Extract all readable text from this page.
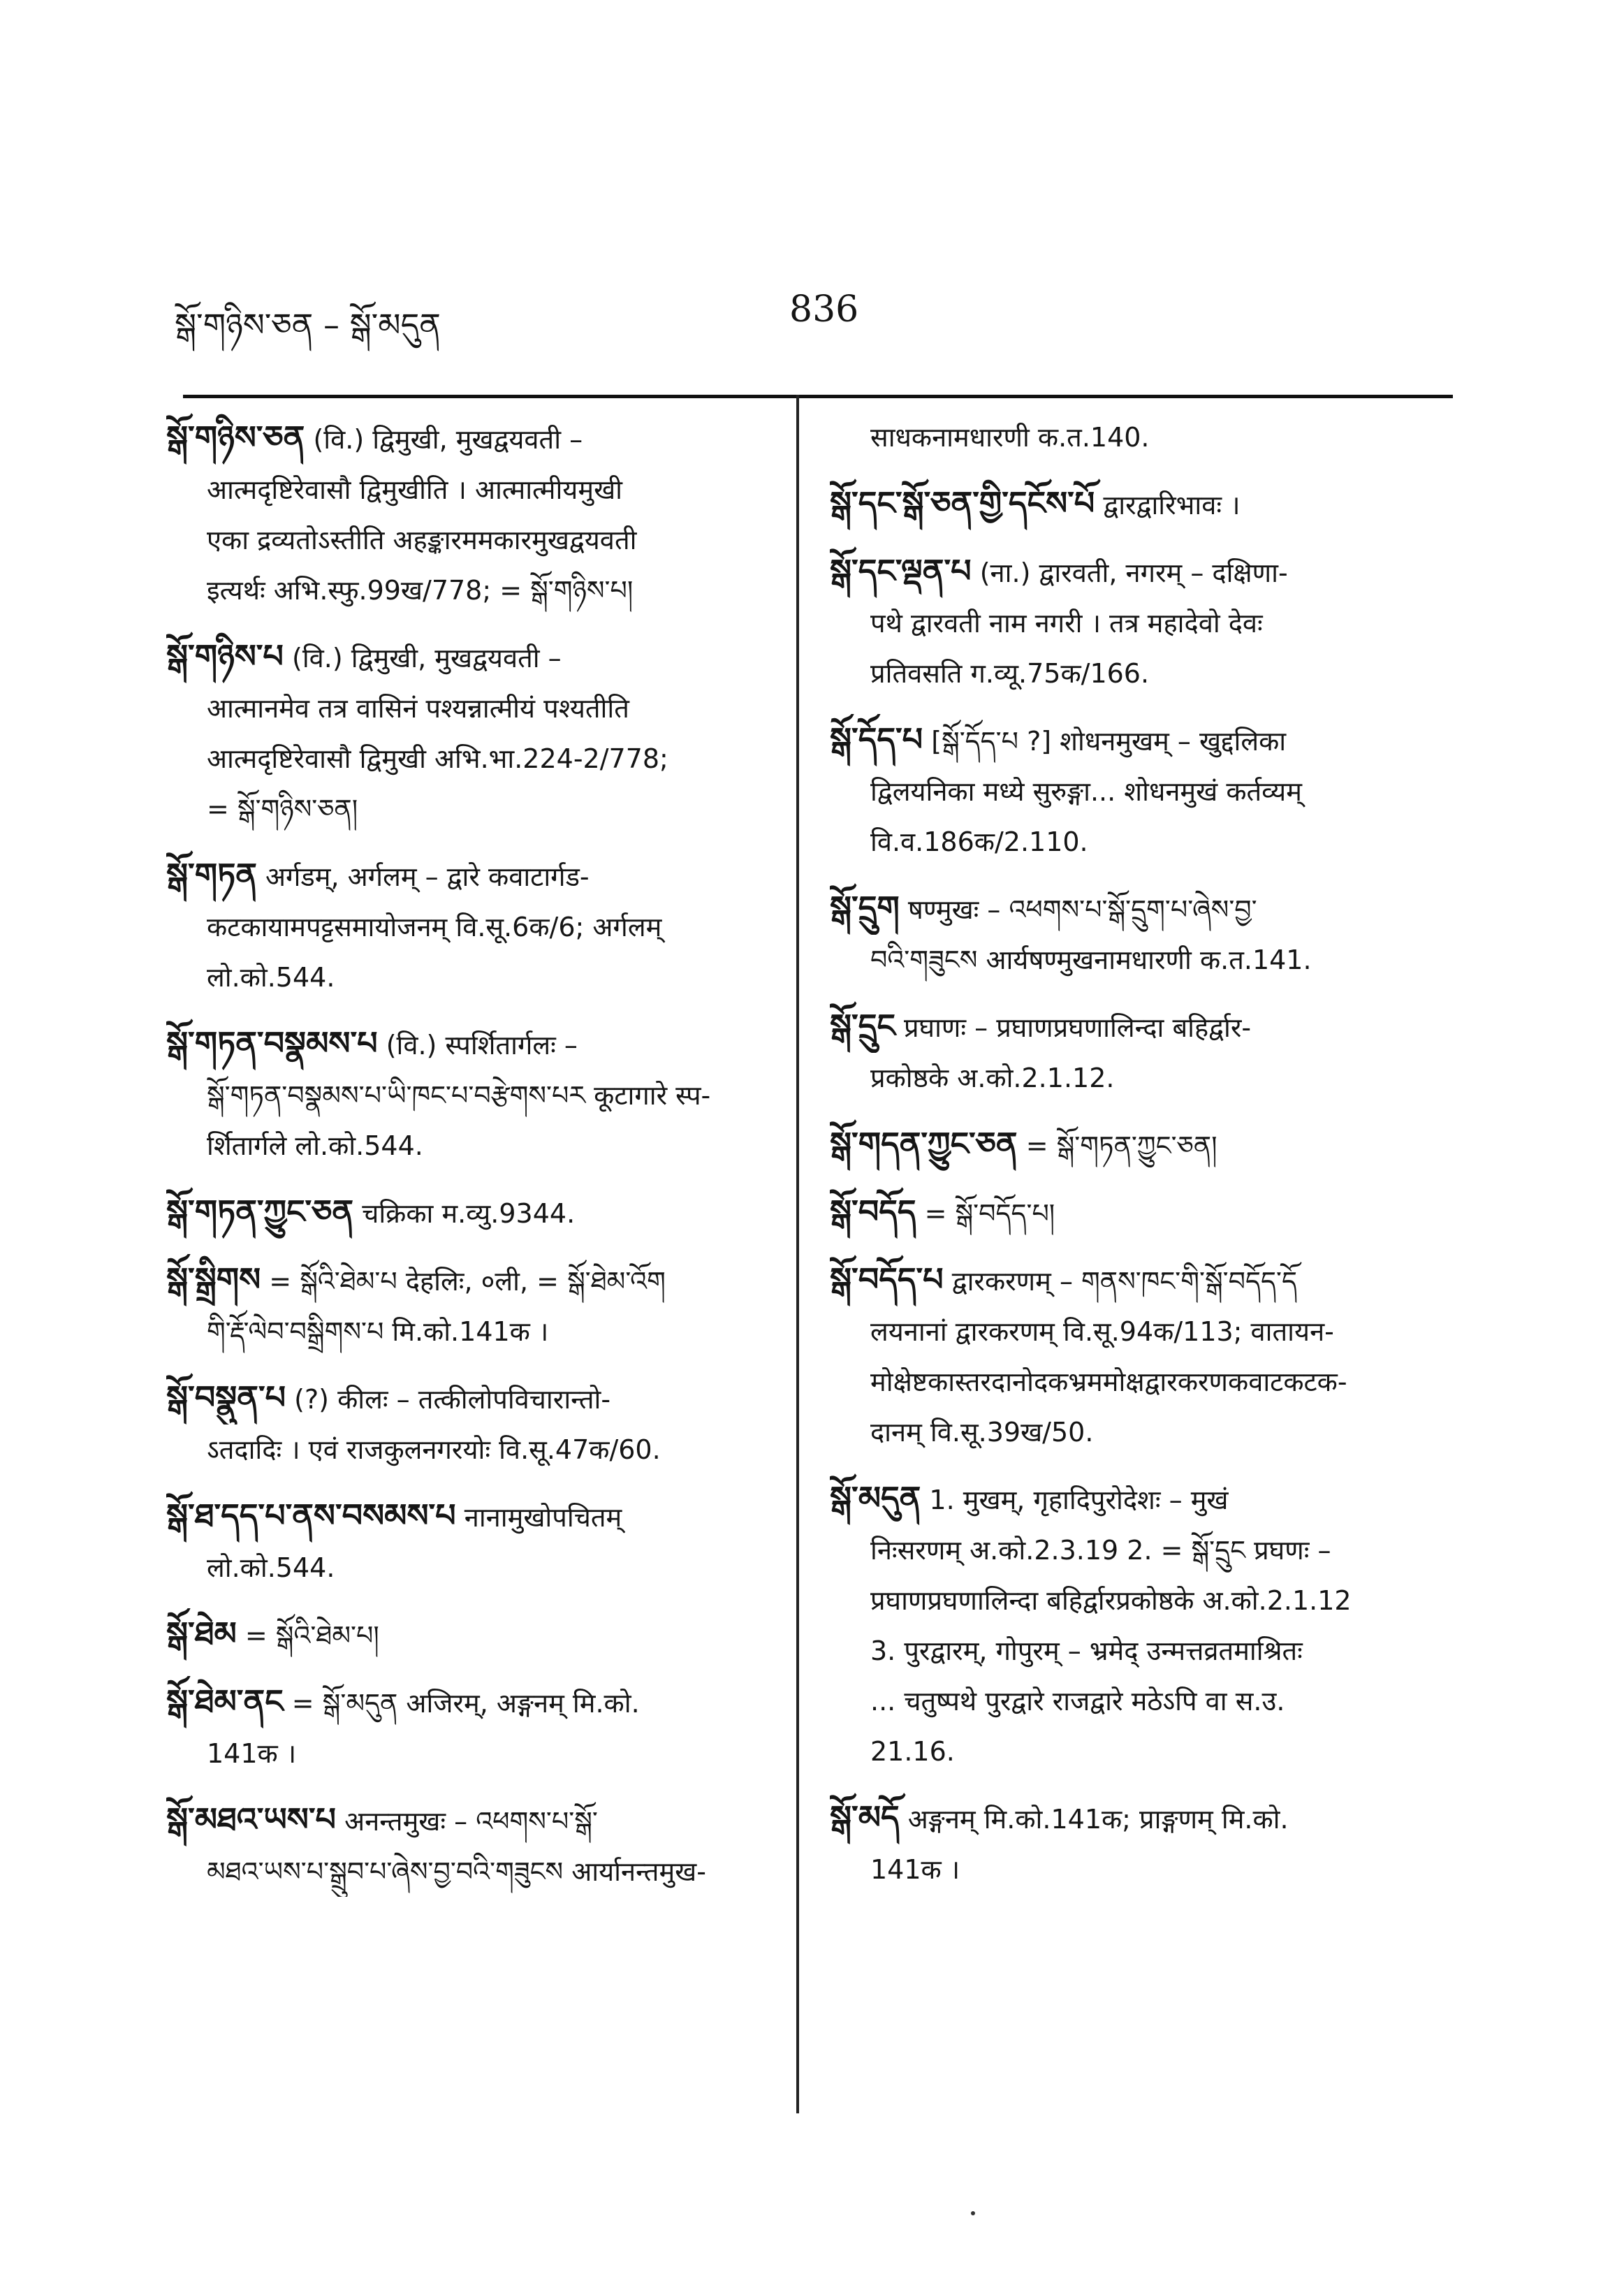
སྒོ་གཉིས་ཅན – སྒོ་མདུན	836
སྒོ་གཉིས་ཅན (वि.) द्विमुखी, मुखद्वयवती –
आत्मदृष्टिरेवासौ द्विमुखीति । आत्मात्मीयमुखी
एका द्रव्यतोऽस्तीति अहङ्कारममकारमुखद्वयवती
इत्यर्थः अभि.स्फु.99ख/778; = སྒོ་གཉིས་པ།
སྒོ་གཉིས་པ (वि.) द्विमुखी, मुखद्वयवती –
आत्मानमेव तत्र वासिनं पश्यन्नात्मीयं पश्यतीति
आत्मदृष्टिरेवासौ द्विमुखी अभि.भा.224-2/778;
= སྒོ་གཉིས་ཅན།
སྒོ་གཏན अर्गडम्, अर्गलम् – द्वारे कवाटार्गड-
कटकायामपट्टसमायोजनम् वि.सू.6क/6; अर्गलम्
लो.को.544.
སྒོ་གཏན་བསྣམས་པ (वि.) स्पर्शितार्गलः –
སྒོ་གཏན་བསྣམས་པ་ཡི་ཁང་པ་བརྩེགས་པར कूटागारे स्प-
र्शितार्गले लो.को.544.
སྒོ་གཏན་ཀྱུང་ཅན चक्रिका म.व्यु.9344.
སྒོ་སྒྲིགས = སྒོའི་ཐེམ་པ देहलिः, ०ली, = སྒོ་ཐེམ་འོག
གི་རྡོ་ལེབ་བསྒྲིགས་པ मि.को.141क ।
སྒོ་བསྣུན་པ (?) कीलः – तत्कीलोपविचारान्तो-
ऽतदादिः । एवं राजकुलनगरयोः वि.सू.47क/60.
སྒོ་ཐ་དད་པ་ནས་བསམས་པ नानामुखोपचितम्
लो.को.544.
སྒོ་ཐེམ = སྒོའི་ཐེམ་པ།
སྒོ་ཐེམ་ནང = སྒོ་མདུན अजिरम्, अङ्गनम् मि.को.
141क ।
སྒོ་མཐའ་ཡས་པ अनन्तमुखः – འཕགས་པ་སྒོ་
མཐའ་ཡས་པ་སྒྲུབ་པ་ཞེས་བྱ་བའི་གཟུངས आर्यानन्तमुख-
साधकनामधारणी क.त.140.
སྒོ་དང་སྒོ་ཅན་གྱི་དངོས་པོ द्वारद्वारिभावः ।
སྒོ་དང་ལྡན་པ (ना.) द्वारवती, नगरम् – दक्षिणा-
पथे द्वारवती नाम नगरी । तत्र महादेवो देवः
प्रतिवसति ग.व्यू.75क/166.
སྒོ་དོད་པ [སྒོ་དོད་པ ?] शोधनमुखम् – खुद्दलिका
द्विलयनिका मध्ये सुरुङ्गा... शोधनमुखं कर्तव्यम्
वि.व.186क/2.110.
སྒོ་དྲུག षण्मुखः – འཕགས་པ་སྒོ་དྲུག་པ་ཞེས་བྱ་
བའི་གཟུངས आर्यषण्मुखनामधारणी क.त.141.
སྒོ་དྲུང प्रघाणः – प्रघाणप्रघणालिन्दा बहिर्द्वार-
प्रकोष्ठके अ.को.2.1.12.
སྒོ་གདན་ཀྱུང་ཅན = སྒོ་གཏན་ཀྱུང་ཅན།
སྒོ་བདོད = སྒོ་བདོད་པ།
སྒོ་བདོད་པ द्वारकरणम् – གནས་ཁང་གི་སྒོ་བདོད་དོ
लयनानां द्वारकरणम् वि.सू.94क/113; वातायन-
मोक्षेष्टकास्तरदानोदकभ्रममोक्षद्वारकरणकवाटकटक-
दानम् वि.सू.39ख/50.
སྒོ་མདུན 1. मुखम्, गृहादिपुरोदेशः – मुखं
निःसरणम् अ.को.2.3.19 2. = སྒོ་དྲུང प्रघणः –
प्रघाणप्रघणालिन्दा बहिर्द्वारप्रकोष्ठके अ.को.2.1.12
3. पुरद्वारम्, गोपुरम् – भ्रमेद् उन्मत्तव्रतमाश्रितः
... चतुष्पथे पुरद्वारे राजद्वारे मठेऽपि वा स.उ.
21.16.
སྒོ་མདོ अङ्गनम् मि.को.141क; प्राङ्गणम् मि.को.
141क ।
